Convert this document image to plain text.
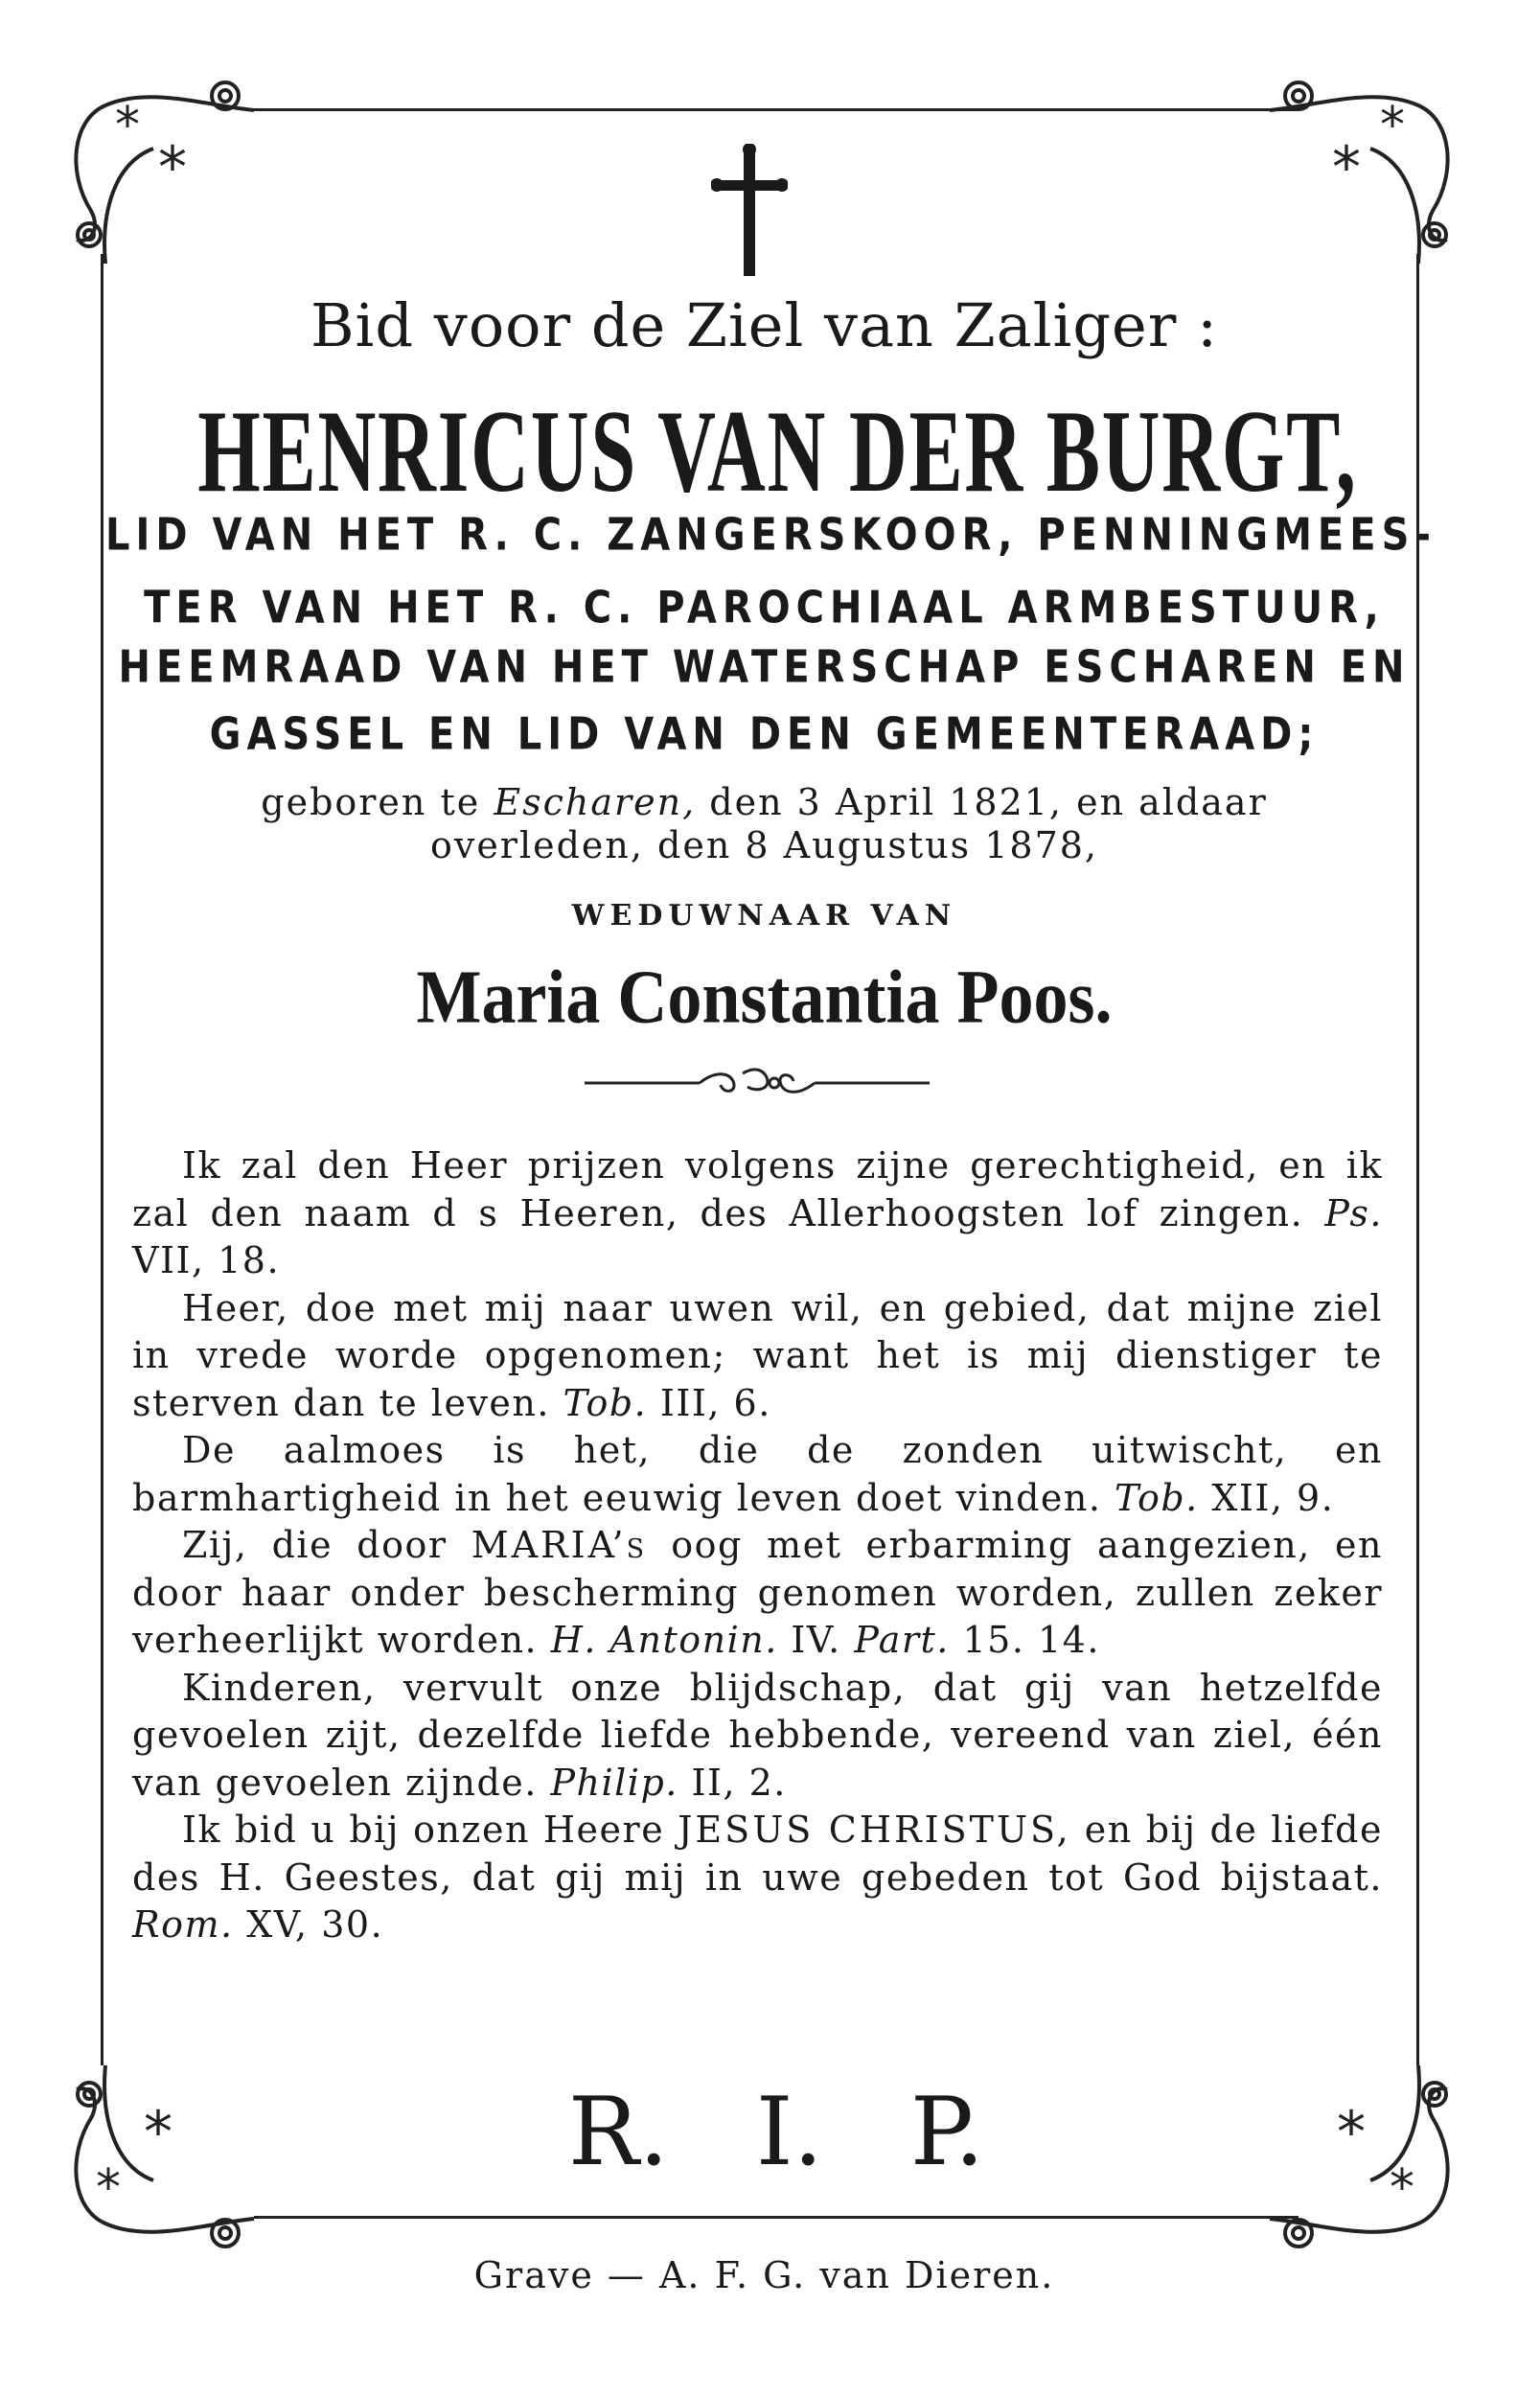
*
*
*
*
*
*
*
*
Bid voor de Ziel van Zaliger :
HENRICUS VAN DER BURGT,
LID VAN HET R. C. ZANGERSKOOR, PENNINGMEES-
TER VAN HET R. C. PAROCHIAAL ARMBESTUUR,
HEEMRAAD VAN HET WATERSCHAP ESCHAREN EN
GASSEL EN LID VAN DEN GEMEENTERAAD;
geboren te Escharen, den 3 April 1821, en aldaar
overleden, den 8 Augustus 1878,
WEDUWNAAR VAN
Maria Constantia Poos.

Ik zal den Heer prijzen volgens zijne gerechtigheid, en ik zal den naam d s Heeren, des Allerhoogsten lof zingen. Ps. VII, 18.

Heer, doe met mij naar uwen wil, en gebied, dat mijne ziel in vrede worde opgenomen; want het is mij dienstiger te sterven dan te leven. Tob. III, 6.

De aalmoes is het, die de zonden uitwischt, en barmhartigheid in het eeuwig leven doet vinden. Tob. XII, 9.

Zij, die door MARIA’s oog met erbarming aangezien, en door haar onder bescherming genomen worden, zullen zeker verheerlijkt worden. H. Antonin. IV. Part. 15. 14.

Kinderen, vervult onze blijdschap, dat gij van hetzelfde gevoelen zijt, dezelfde liefde hebbende, vereend van ziel, één van gevoelen zijnde. Philip. II, 2.

Ik bid u bij onzen Heere JESUS CHRISTUS, en bij de liefde des H. Geestes, dat gij mij in uwe gebeden tot God bijstaat. Rom. XV, 30.

R. I. P.
Grave — A. F. G. van Dieren.
